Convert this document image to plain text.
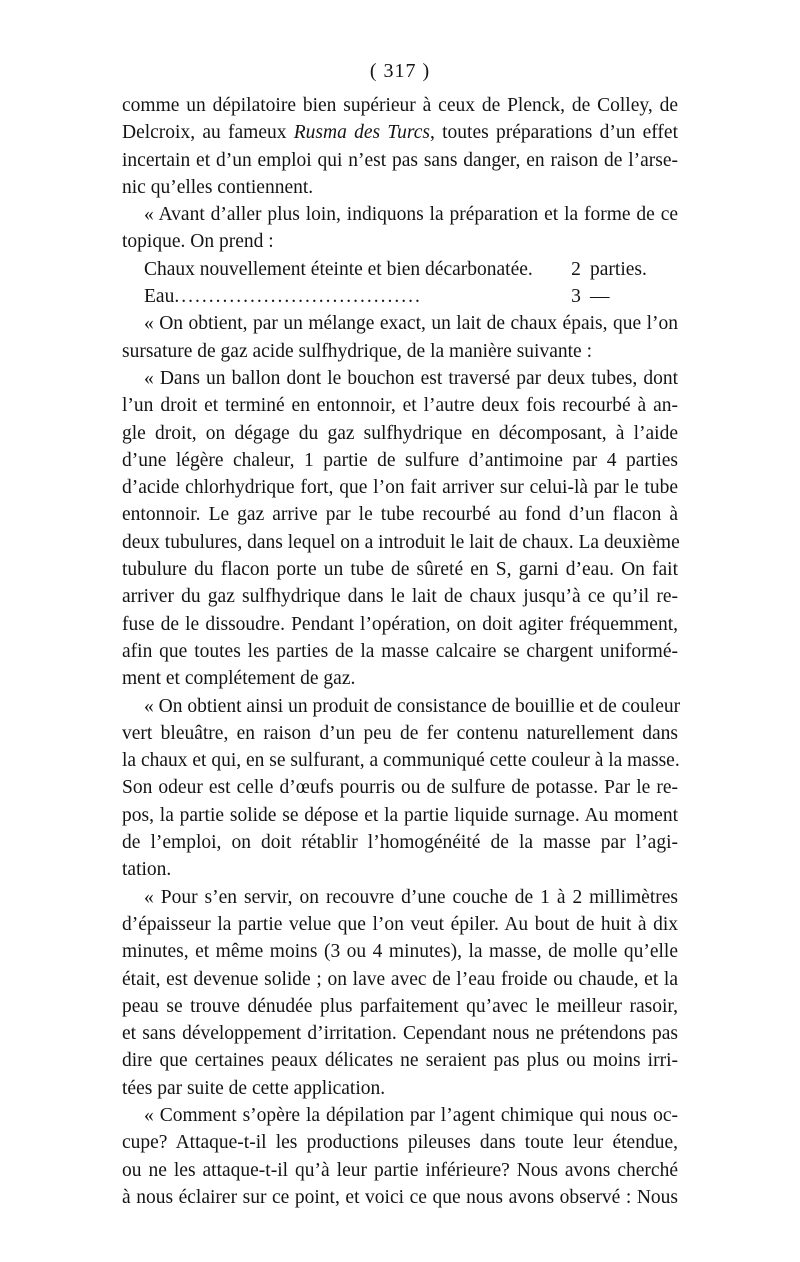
( 317 )
comme un dépilatoire bien supérieur à ceux de Plenck, de Colley, de
Delcroix, au fameux Rusma des Turcs, toutes préparations d’un effet
incertain et d’un emploi qui n’est pas sans danger, en raison de l’arse-
nic qu’elles contiennent.
« Avant d’aller plus loin, indiquons la préparation et la forme de ce
topique. On prend :
Chaux nouvellement éteinte et bien décarbonatée.	2 parties.
Eau ....................................	3 —
« On obtient, par un mélange exact, un lait de chaux épais, que l’on
sursature de gaz acide sulfhydrique, de la manière suivante :
« Dans un ballon dont le bouchon est traversé par deux tubes, dont
l’un droit et terminé en entonnoir, et l’autre deux fois recourbé à an-
gle droit, on dégage du gaz sulfhydrique en décomposant, à l’aide
d’une légère chaleur, 1 partie de sulfure d’antimoine par 4 parties
d’acide chlorhydrique fort, que l’on fait arriver sur celui-là par le tube
entonnoir. Le gaz arrive par le tube recourbé au fond d’un flacon à
deux tubulures, dans lequel on a introduit le lait de chaux. La deuxième
tubulure du flacon porte un tube de sûreté en S, garni d’eau. On fait
arriver du gaz sulfhydrique dans le lait de chaux jusqu’à ce qu’il re-
fuse de le dissoudre. Pendant l’opération, on doit agiter fréquemment,
afin que toutes les parties de la masse calcaire se chargent uniformé-
ment et complétement de gaz.
« On obtient ainsi un produit de consistance de bouillie et de couleur
vert bleuâtre, en raison d’un peu de fer contenu naturellement dans
la chaux et qui, en se sulfurant, a communiqué cette couleur à la masse.
Son odeur est celle d’œufs pourris ou de sulfure de potasse. Par le re-
pos, la partie solide se dépose et la partie liquide surnage. Au moment
de l’emploi, on doit rétablir l’homogénéité de la masse par l’agi-
tation.
« Pour s’en servir, on recouvre d’une couche de 1 à 2 millimètres
d’épaisseur la partie velue que l’on veut épiler. Au bout de huit à dix
minutes, et même moins (3 ou 4 minutes), la masse, de molle qu’elle
était, est devenue solide ; on lave avec de l’eau froide ou chaude, et la
peau se trouve dénudée plus parfaitement qu’avec le meilleur rasoir,
et sans développement d’irritation. Cependant nous ne prétendons pas
dire que certaines peaux délicates ne seraient pas plus ou moins irri-
tées par suite de cette application.
« Comment s’opère la dépilation par l’agent chimique qui nous oc-
cupe? Attaque-t-il les productions pileuses dans toute leur étendue,
ou ne les attaque-t-il qu’à leur partie inférieure? Nous avons cherché
à nous éclairer sur ce point, et voici ce que nous avons observé : Nous
